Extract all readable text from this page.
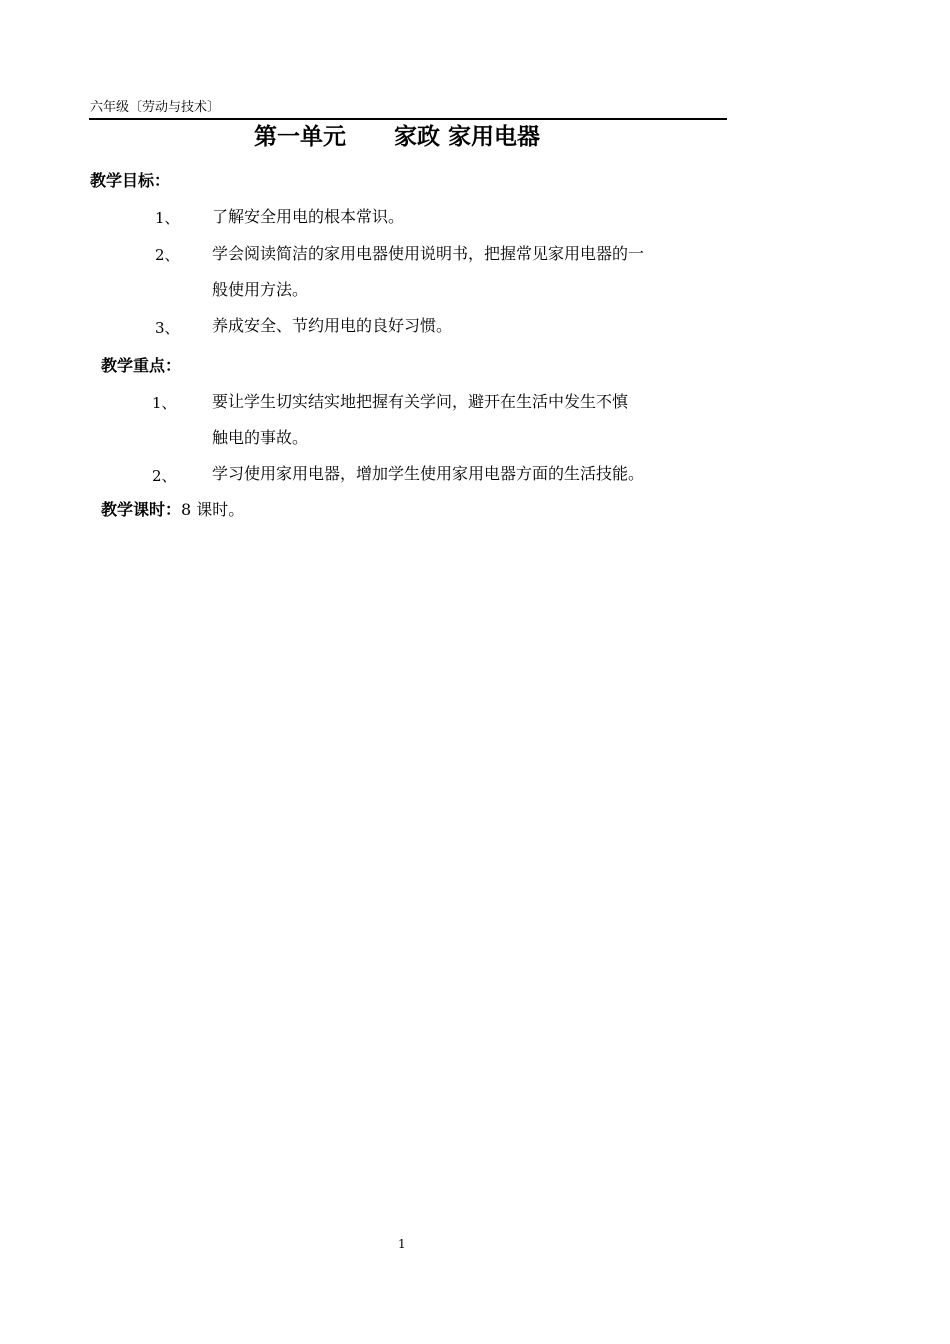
六年级〔劳动与技术〕
第一单元      家政 家用电器
教学目标：
1、 了解安全用电的根本常识。
2、 学会阅读简洁的家用电器使用说明书，把握常见家用电器的一
般使用方法。
3、 养成安全、节约用电的良好习惯。
教学重点：
1、 要让学生切实结实地把握有关学问，避开在生活中发生不慎
触电的事故。
2、 学习使用家用电器，增加学生使用家用电器方面的生活技能。
教学课时：8 课时。
1
